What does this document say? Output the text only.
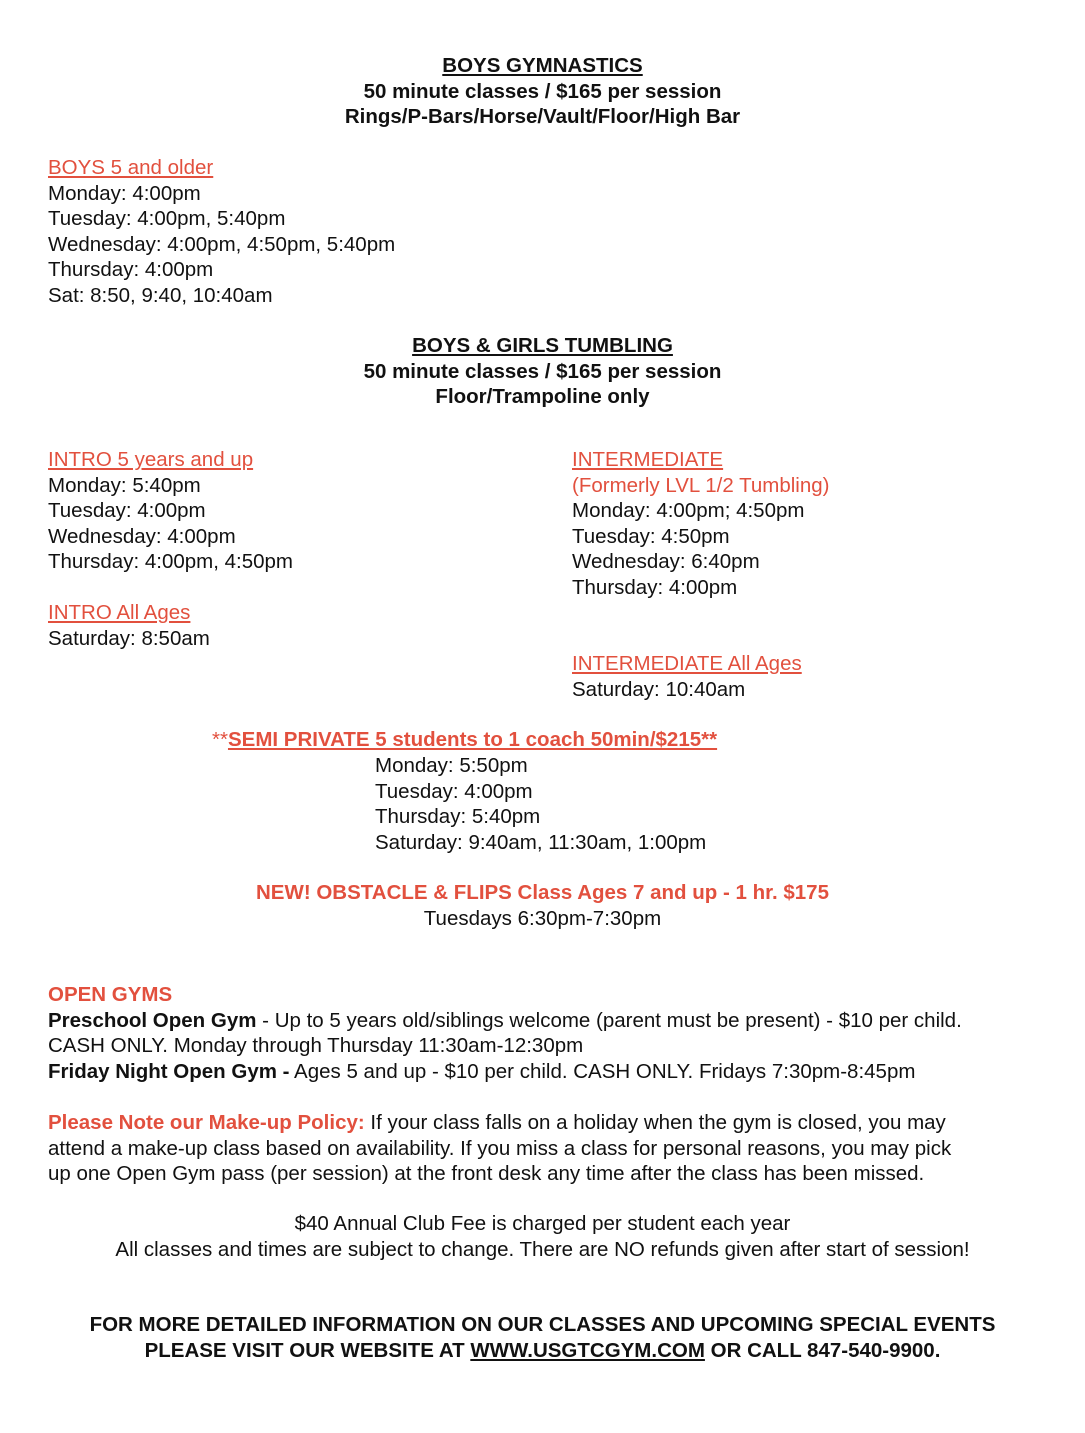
BOYS GYMNASTICS
50 minute classes / $165 per session
Rings/P-Bars/Horse/Vault/Floor/High Bar
BOYS 5 and older
Monday: 4:00pm
Tuesday: 4:00pm, 5:40pm
Wednesday: 4:00pm, 4:50pm, 5:40pm
Thursday: 4:00pm
Sat: 8:50, 9:40, 10:40am
BOYS & GIRLS TUMBLING
50 minute classes / $165 per session
Floor/Trampoline only
INTRO 5 years and up
Monday: 5:40pm
Tuesday: 4:00pm
Wednesday: 4:00pm
Thursday: 4:00pm, 4:50pm
INTRO All Ages
Saturday: 8:50am
INTERMEDIATE
(Formerly LVL 1/2 Tumbling)
Monday: 4:00pm; 4:50pm
Tuesday: 4:50pm
Wednesday: 6:40pm
Thursday: 4:00pm
INTERMEDIATE All Ages
Saturday: 10:40am
**SEMI PRIVATE 5 students to 1 coach 50min/$215**
Monday: 5:50pm
Tuesday: 4:00pm
Thursday: 5:40pm
Saturday: 9:40am, 11:30am, 1:00pm
NEW! OBSTACLE & FLIPS Class Ages 7 and up - 1 hr. $175
Tuesdays 6:30pm-7:30pm
OPEN GYMS
Preschool Open Gym - Up to 5 years old/siblings welcome (parent must be present) - $10 per child.
CASH ONLY. Monday through Thursday 11:30am-12:30pm
Friday Night Open Gym - Ages 5 and up - $10 per child. CASH ONLY. Fridays 7:30pm-8:45pm
Please Note our Make-up Policy: If your class falls on a holiday when the gym is closed, you may
attend a make-up class based on availability. If you miss a class for personal reasons, you may pick
up one Open Gym pass (per session) at the front desk any time after the class has been missed.
$40 Annual Club Fee is charged per student each year
All classes and times are subject to change. There are NO refunds given after start of session!
FOR MORE DETAILED INFORMATION ON OUR CLASSES AND UPCOMING SPECIAL EVENTS
PLEASE VISIT OUR WEBSITE AT WWW.USGTCGYM.COM OR CALL 847-540-9900.
